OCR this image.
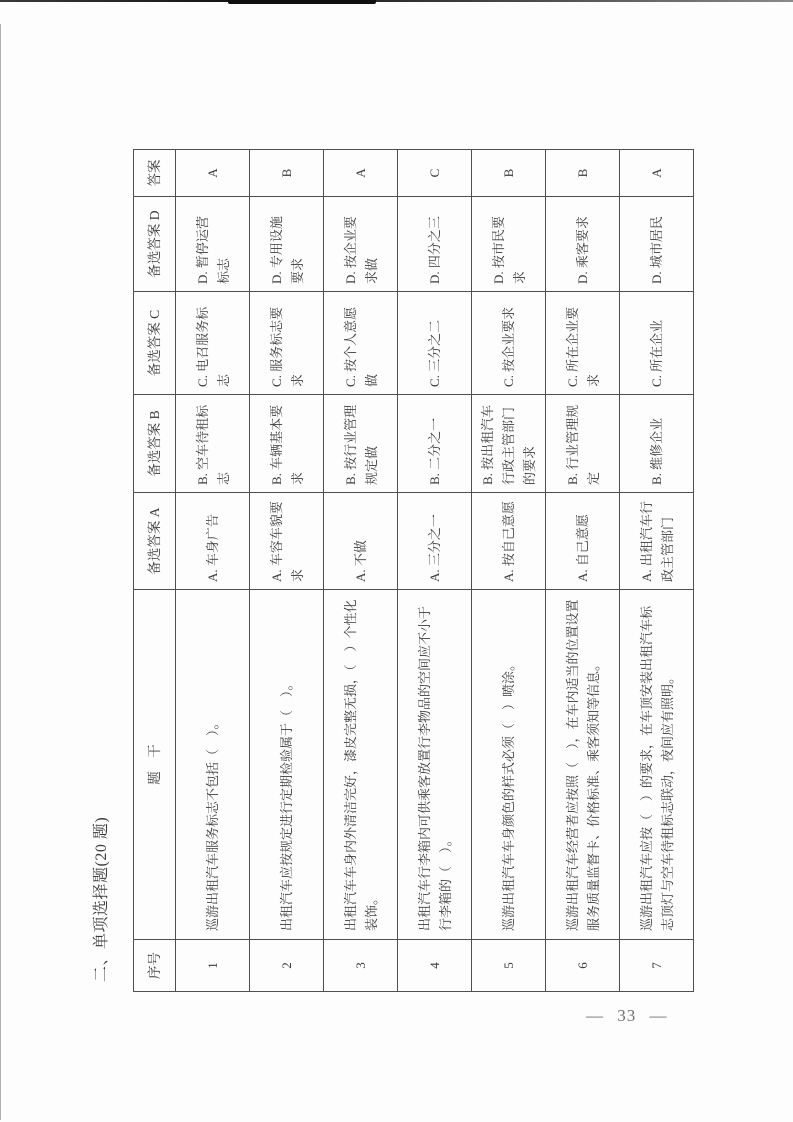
二、单项选择题(20 题)	序号	题　干	备选答案 A	备选答案 B	备选答案 C	备选答案 D	答案
1	巡游出租汽车服务标志不包括（　）。	A. 车身广告	B. 空车待租标志	C. 电召服务标志	D. 暂停运营标志	A
2	出租汽车应按规定进行定期检验属于（　）。	A. 车容车貌要求	B. 车辆基本要求	C. 服务标志要求	D. 专用设施要求	B
3	出租汽车车身内外清洁完好，漆皮完整无损，（　）个性化装饰。	A. 不做	B. 按行业管理规定做	C. 按个人意愿做	D. 按企业要求做	A
4	出租汽车行李箱内可供乘客放置行李物品的空间应不小于行李箱的（　）。	A. 三分之一	B. 二分之一	C. 三分之二	D. 四分之三	C
5	巡游出租汽车车身颜色的样式必须（　）喷涂。	A. 按自己意愿	B. 按出租汽车行政主管部门的要求	C. 按企业要求	D. 按市民要求	B
6	巡游出租汽车经营者应按照（　），在车内适当的位置设置服务质量监督卡、价格标准、乘客须知等信息。	A. 自己意愿	B. 行业管理规定	C. 所在企业要求	D. 乘客要求	B
7	巡游出租汽车应按（　）的要求，在车顶安装出租汽车标志顶灯与空车待租标志联动，夜间应有照明。	A. 出租汽车行政主管部门	B. 维修企业	C. 所在企业	D. 城市居民	A
— 33 —
